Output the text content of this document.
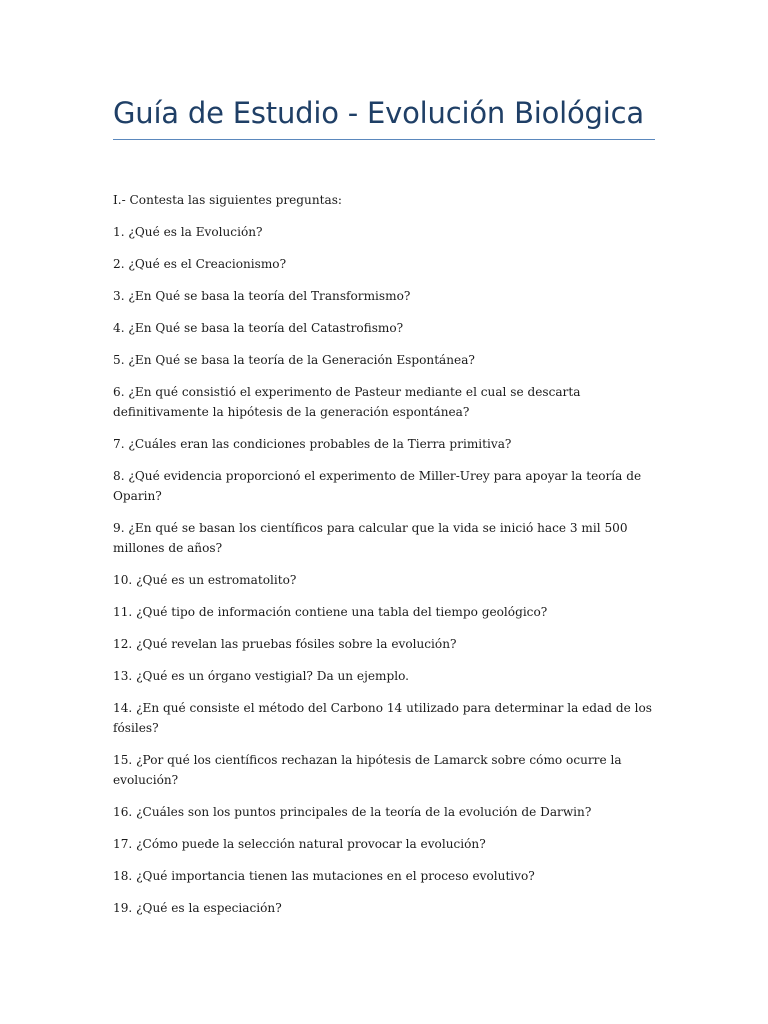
Guía de Estudio - Evolución Biológica

I.- Contesta las siguientes preguntas:

1. ¿Qué es la Evolución?

2. ¿Qué es el Creacionismo?

3. ¿En Qué se basa la teoría del Transformismo?

4. ¿En Qué se basa la teoría del Catastrofismo?

5. ¿En Qué se basa la teoría de la Generación Espontánea?

6. ¿En qué consistió el experimento de Pasteur mediante el cual se descarta definitivamente la hipótesis de la generación espontánea?

7. ¿Cuáles eran las condiciones probables de la Tierra primitiva?

8. ¿Qué evidencia proporcionó el experimento de Miller-Urey para apoyar la teoría de Oparin?

9. ¿En qué se basan los científicos para calcular que la vida se inició hace 3 mil 500 millones de años?

10. ¿Qué es un estromatolito?

11. ¿Qué tipo de información contiene una tabla del tiempo geológico?

12. ¿Qué revelan las pruebas fósiles sobre la evolución?

13. ¿Qué es un órgano vestigial? Da un ejemplo.

14. ¿En qué consiste el método del Carbono 14 utilizado para determinar la edad de los fósiles?

15. ¿Por qué los científicos rechazan la hipótesis de Lamarck sobre cómo ocurre la evolución?

16. ¿Cuáles son los puntos principales de la teoría de la evolución de Darwin?

17. ¿Cómo puede la selección natural provocar la evolución?

18. ¿Qué importancia tienen las mutaciones en el proceso evolutivo?

19. ¿Qué es la especiación?
